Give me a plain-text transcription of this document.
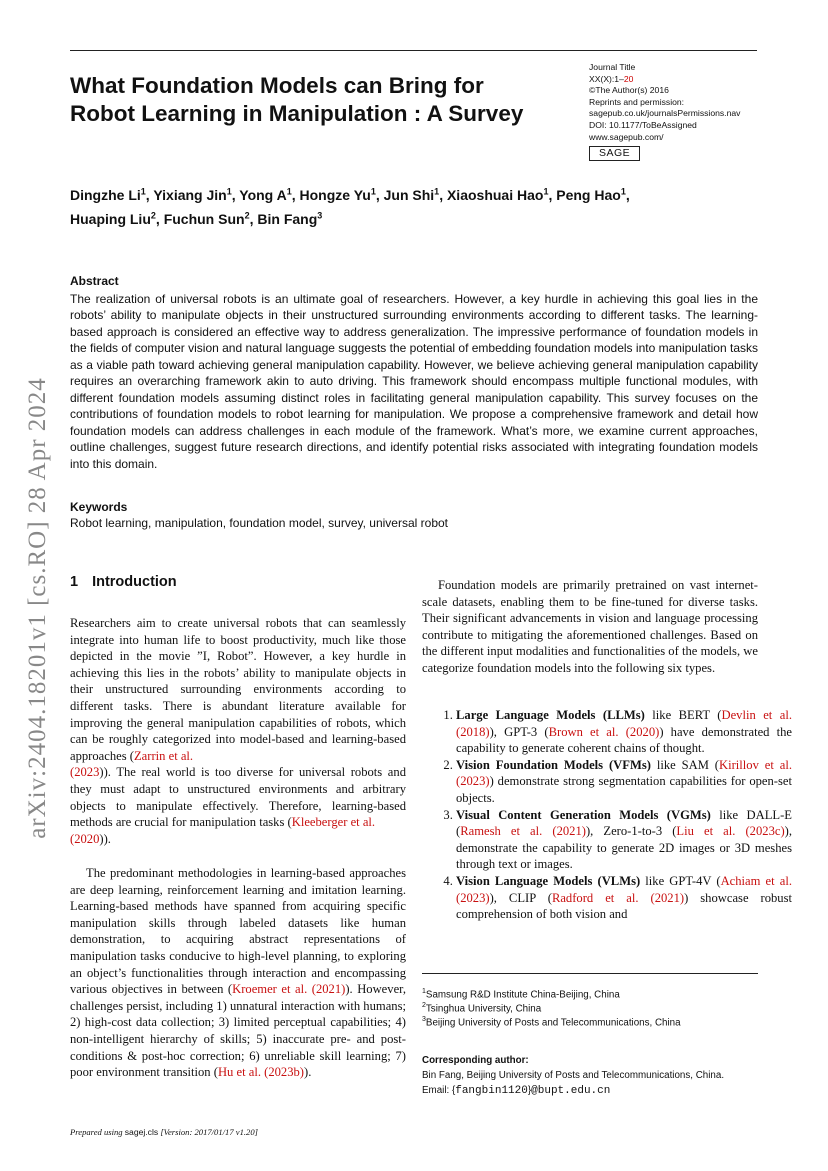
What Foundation Models can Bring for Robot Learning in Manipulation : A Survey
Journal Title
XX(X):1–20
©The Author(s) 2016
Reprints and permission:
sagepub.co.uk/journalsPermissions.nav
DOI: 10.1177/ToBeAssigned
www.sagepub.com/
SAGE
Dingzhe Li$^1$, Yixiang Jin$^1$, Yong $A^1$, Hongze Yu$^1$, Jun Shi$^1$, Xiaoshuai Hao$^1$, Peng Hao$^1$,
Huaping Liu$^2$, Fuchun Sun$^2$, Bin Fang$^3$
Abstract

The realization of universal robots is an ultimate goal of researchers. However, a key hurdle in achieving this goal lies in the robots’ ability to manipulate objects in their unstructured surrounding environments according to different tasks. The learning-based approach is considered an effective way to address generalization. The impressive performance of foundation models in the fields of computer vision and natural language suggests the potential of embedding foundation models into manipulation tasks as a viable path toward achieving general manipulation capability. However, we believe achieving general manipulation capability requires an overarching framework akin to auto driving. This framework should encompass multiple functional modules, with different foundation models assuming distinct roles in facilitating general manipulation capability. This survey focuses on the contributions of foundation models to robot learning for manipulation. We propose a comprehensive framework and detail how foundation models can address challenges in each module of the framework. What’s more, we examine current approaches, outline challenges, suggest future research directions, and identify potential risks associated with integrating foundation models into this domain.

Keywords
Robot learning, manipulation, foundation model, survey, universal robot
arXiv:2404.18201v1 [cs.RO] 28 Apr 2024 1 Introduction

Researchers aim to create universal robots that can seamlessly integrate into human life to boost productivity, much like those depicted in the movie ”I, Robot”. However, a key hurdle in achieving this lies in the robots’ ability to manipulate objects in their unstructured surrounding environments according to different tasks. There is abundant literature available for improving the general manipulation capabilities of robots, which can be roughly categorized into model-based and learning-based approaches (Zarrin et al.
(2023)). The real world is too diverse for universal robots and they must adapt to unstructured environments and arbitrary objects to manipulate effectively. Therefore, learning-based methods are crucial for manipulation tasks (Kleeberger et al.
(2020)).

The predominant methodologies in learning-based approaches are deep learning, reinforcement learning and imitation learning. Learning-based methods have spanned from acquiring specific manipulation skills through labeled datasets like human demonstration, to acquiring abstract representations of manipulation tasks conducive to high-level planning, to exploring an object’s functionalities through interaction and encompassing various objectives in between (Kroemer et al. (2021)). However, challenges persist, including 1) unnatural interaction with humans; 2) high-cost data collection; 3) limited perceptual capabilities; 4) non-intelligent hierarchy of skills; 5) inaccurate pre- and post-conditions & post-hoc correction; 6) unreliable skill learning; 7) poor environment transition (Hu et al. (2023b)).

Foundation models are primarily pretrained on vast internet-scale datasets, enabling them to be fine-tuned for diverse tasks. Their significant advancements in vision and language processing contribute to mitigating the aforementioned challenges. Based on the different input modalities and functionalities of the models, we categorize foundation models into the following six types.

1. Large Language Models (LLMs) like BERT (Devlin et al. (2018)), GPT-3 (Brown et al. (2020)) have demonstrated the capability to generate coherent chains of thought.
2. Vision Foundation Models (VFMs) like SAM (Kirillov et al. (2023)) demonstrate strong segmentation capabilities for open-set objects.
3. Visual Content Generation Models (VGMs) like DALL-E (Ramesh et al. (2021)), Zero-1-to-3 (Liu et al. (2023c)), demonstrate the capability to generate 2D images or 3D meshes through text or images.
4. Vision Language Models (VLMs) like GPT-4V (Achiam et al. (2023)), CLIP (Radford et al. (2021)) showcase robust comprehension of both vision and
$^1$Samsung R&D Institute China-Beijing, China
$^2$Tsinghua University, China
$^3$Beijing University of Posts and Telecommunications, China
Corresponding author:
Bin Fang, Beijing University of Posts and Telecommunications, China.
Email: {fangbin1120}@bupt.edu.cn
Prepared using sagej.cls [Version: 2017/01/17 v1.20]
